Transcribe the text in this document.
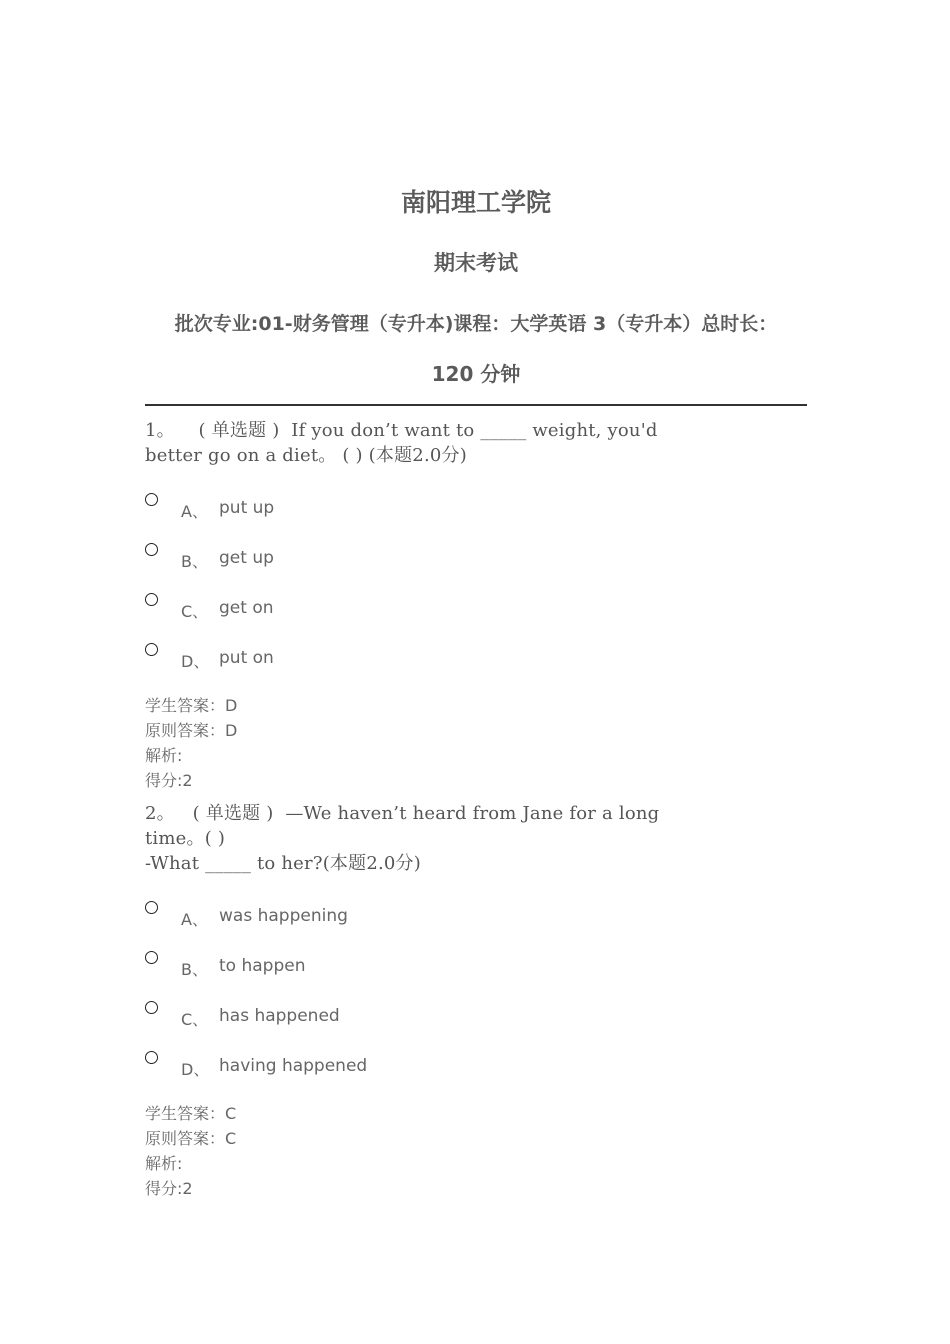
南阳理工学院
期末考试
批次专业:01-财务管理（专升本)课程：大学英语 3（专升本）总时长：
120 分钟
1。    ( 单选题 )  If you don’t want to _____ weight, you'd
better go on a diet。 ( ) (本题2.0分)
A、 put up
B、 get up
C、 get on
D、 put on
学生答案：D
原则答案：D
解析:
得分:2
2。   ( 单选题 )  —We haven’t heard from Jane for a long
time。( )
-What _____ to her?(本题2.0分)
A、 was happening
B、 to happen
C、 has happened
D、 having happened
学生答案：C
原则答案：C
解析:
得分:2
